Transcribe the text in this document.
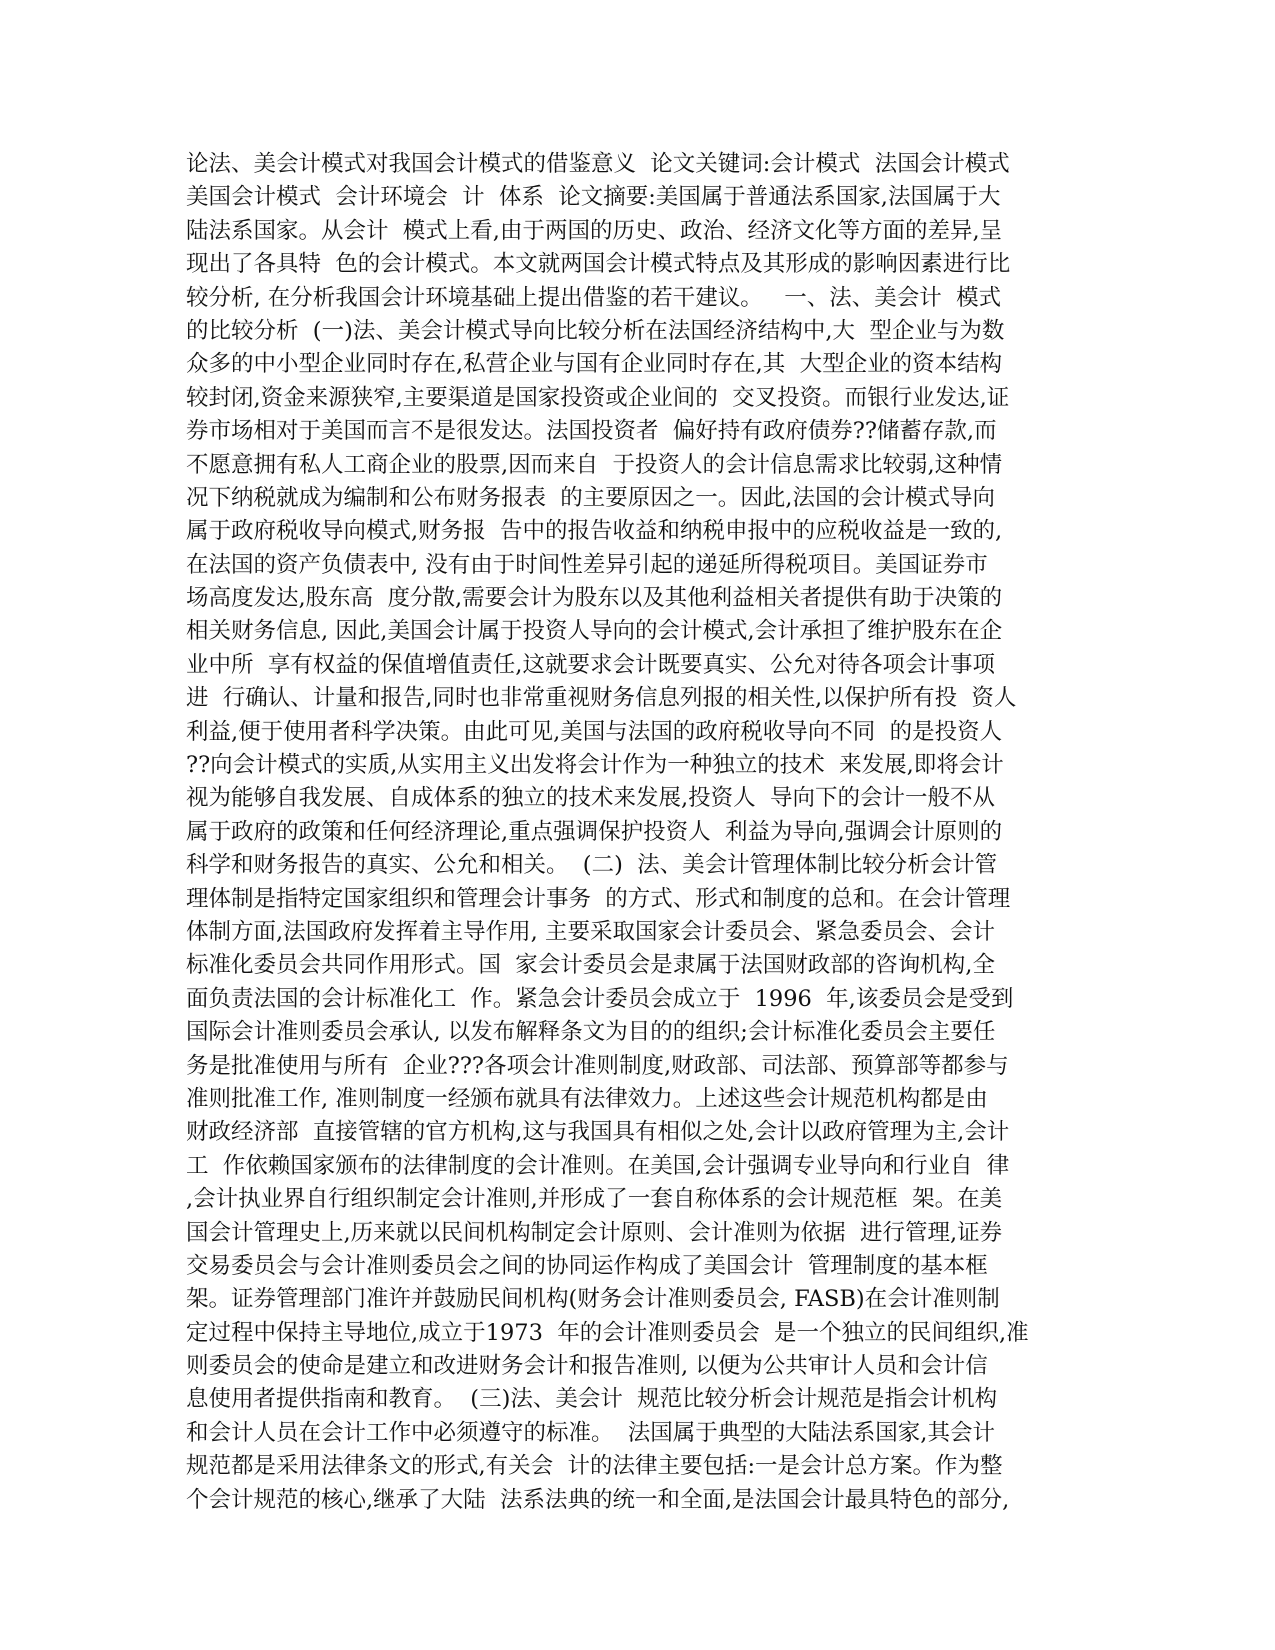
论法、美会计模式对我国会计模式的借鉴意义  论文关键词:会计模式  法国会计模式
美国会计模式  会计环境会  计  体系  论文摘要:美国属于普通法系国家,法国属于大
陆法系国家。从会计  模式上看,由于两国的历史、政治、经济文化等方面的差异,呈
现出了各具特  色的会计模式。本文就两国会计模式特点及其形成的影响因素进行比
较分析, 在分析我国会计环境基础上提出借鉴的若干建议。   一、法、美会计  模式
的比较分析  (一)法、美会计模式导向比较分析在法国经济结构中,大  型企业与为数
众多的中小型企业同时存在,私营企业与国有企业同时存在,其  大型企业的资本结构
较封闭,资金来源狭窄,主要渠道是国家投资或企业间的  交叉投资。而银行业发达,证
券市场相对于美国而言不是很发达。法国投资者  偏好持有政府债券??储蓄存款,而
不愿意拥有私人工商企业的股票,因而来自  于投资人的会计信息需求比较弱,这种情
况下纳税就成为编制和公布财务报表  的主要原因之一。因此,法国的会计模式导向
属于政府税收导向模式,财务报  告中的报告收益和纳税申报中的应税收益是一致的,
在法国的资产负债表中, 没有由于时间性差异引起的递延所得税项目。美国证券市
场高度发达,股东高  度分散,需要会计为股东以及其他利益相关者提供有助于决策的
相关财务信息, 因此,美国会计属于投资人导向的会计模式,会计承担了维护股东在企
业中所  享有权益的保值增值责任,这就要求会计既要真实、公允对待各项会计事项
进  行确认、计量和报告,同时也非常重视财务信息列报的相关性,以保护所有投  资人
利益,便于使用者科学决策。由此可见,美国与法国的政府税收导向不同  的是投资人
??向会计模式的实质,从实用主义出发将会计作为一种独立的技术  来发展,即将会计
视为能够自我发展、自成体系的独立的技术来发展,投资人  导向下的会计一般不从
属于政府的政策和任何经济理论,重点强调保护投资人  利益为导向,强调会计原则的
科学和财务报告的真实、公允和相关。  (二)  法、美会计管理体制比较分析会计管
理体制是指特定国家组织和管理会计事务  的方式、形式和制度的总和。在会计管理
体制方面,法国政府发挥着主导作用, 主要采取国家会计委员会、紧急委员会、会计
标准化委员会共同作用形式。国  家会计委员会是隶属于法国财政部的咨询机构,全
面负责法国的会计标准化工  作。紧急会计委员会成立于  1996  年,该委员会是受到
国际会计准则委员会承认, 以发布解释条文为目的的组织;会计标准化委员会主要任
务是批准使用与所有  企业???各项会计准则制度,财政部、司法部、预算部等都参与
准则批准工作, 准则制度一经颁布就具有法律效力。上述这些会计规范机构都是由
财政经济部  直接管辖的官方机构,这与我国具有相似之处,会计以政府管理为主,会计
工  作依赖国家颁布的法律制度的会计准则。在美国,会计强调专业导向和行业自  律
,会计执业界自行组织制定会计准则,并形成了一套自称体系的会计规范框  架。在美
国会计管理史上,历来就以民间机构制定会计原则、会计准则为依据  进行管理,证券
交易委员会与会计准则委员会之间的协同运作构成了美国会计  管理制度的基本框
架。证券管理部门准许并鼓励民间机构(财务会计准则委员会, FASB)在会计准则制
定过程中保持主导地位,成立于1973  年的会计准则委员会  是一个独立的民间组织,准
则委员会的使命是建立和改进财务会计和报告准则, 以便为公共审计人员和会计信
息使用者提供指南和教育。  (三)法、美会计  规范比较分析会计规范是指会计机构
和会计人员在会计工作中必须遵守的标准。  法国属于典型的大陆法系国家,其会计
规范都是采用法律条文的形式,有关会  计的法律主要包括:一是会计总方案。作为整
个会计规范的核心,继承了大陆  法系法典的统一和全面,是法国会计最具特色的部分,
